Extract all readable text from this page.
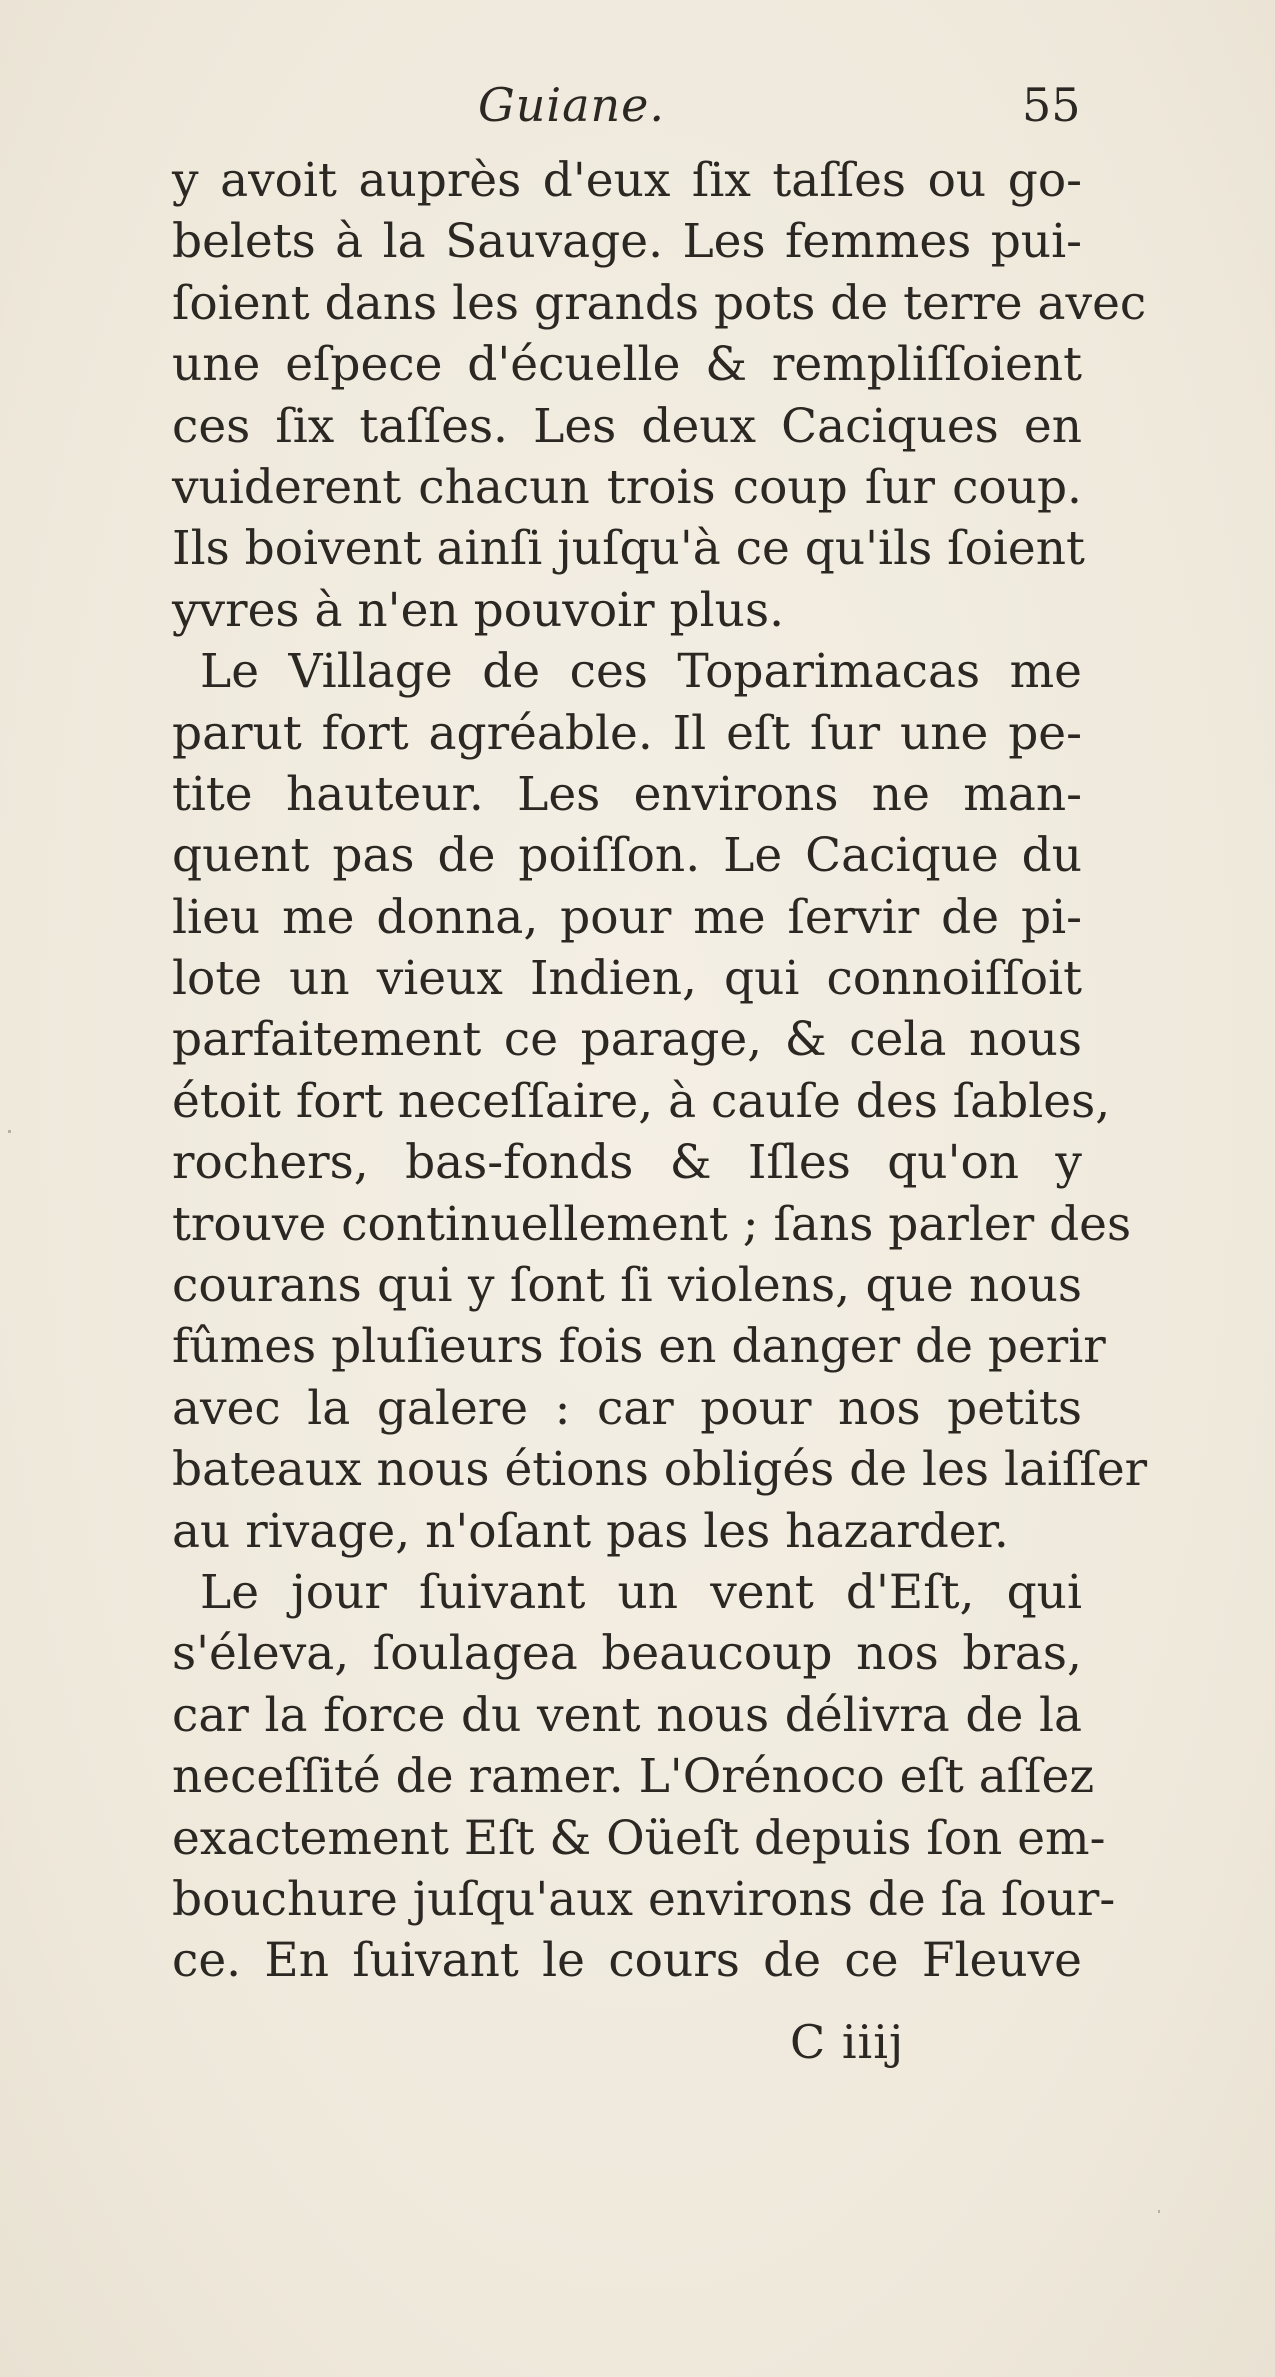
Guiane.	55
y avoit auprès d'eux ſix taſſes ou go-
belets à la Sauvage. Les femmes pui-
ſoient dans les grands pots de terre avec
une eſpece d'écuelle & rempliſſoient
ces ſix taſſes. Les deux Caciques en
vuiderent chacun trois coup ſur coup.
Ils boivent ainſi juſqu'à ce qu'ils ſoient
yvres à n'en pouvoir plus.
Le Village de ces Toparimacas me
parut fort agréable. Il eſt ſur une pe-
tite hauteur. Les environs ne man-
quent pas de poiſſon. Le Cacique du
lieu me donna, pour me ſervir de pi-
lote un vieux Indien, qui connoiſſoit
parfaitement ce parage, & cela nous
étoit fort neceſſaire, à cauſe des ſables,
rochers, bas-fonds & Iſles qu'on y
trouve continuellement ; ſans parler des
courans qui y ſont ſi violens, que nous
fûmes pluſieurs fois en danger de perir
avec la galere : car pour nos petits
bateaux nous étions obligés de les laiſſer
au rivage, n'oſant pas les hazarder.
Le jour ſuivant un vent d'Eſt, qui
s'éleva, ſoulagea beaucoup nos bras,
car la force du vent nous délivra de la
neceſſité de ramer. L'Orénoco eſt aſſez
exactement Eſt & Oüeſt depuis ſon em-
bouchure juſqu'aux environs de ſa ſour-
ce. En ſuivant le cours de ce Fleuve
C iiij
